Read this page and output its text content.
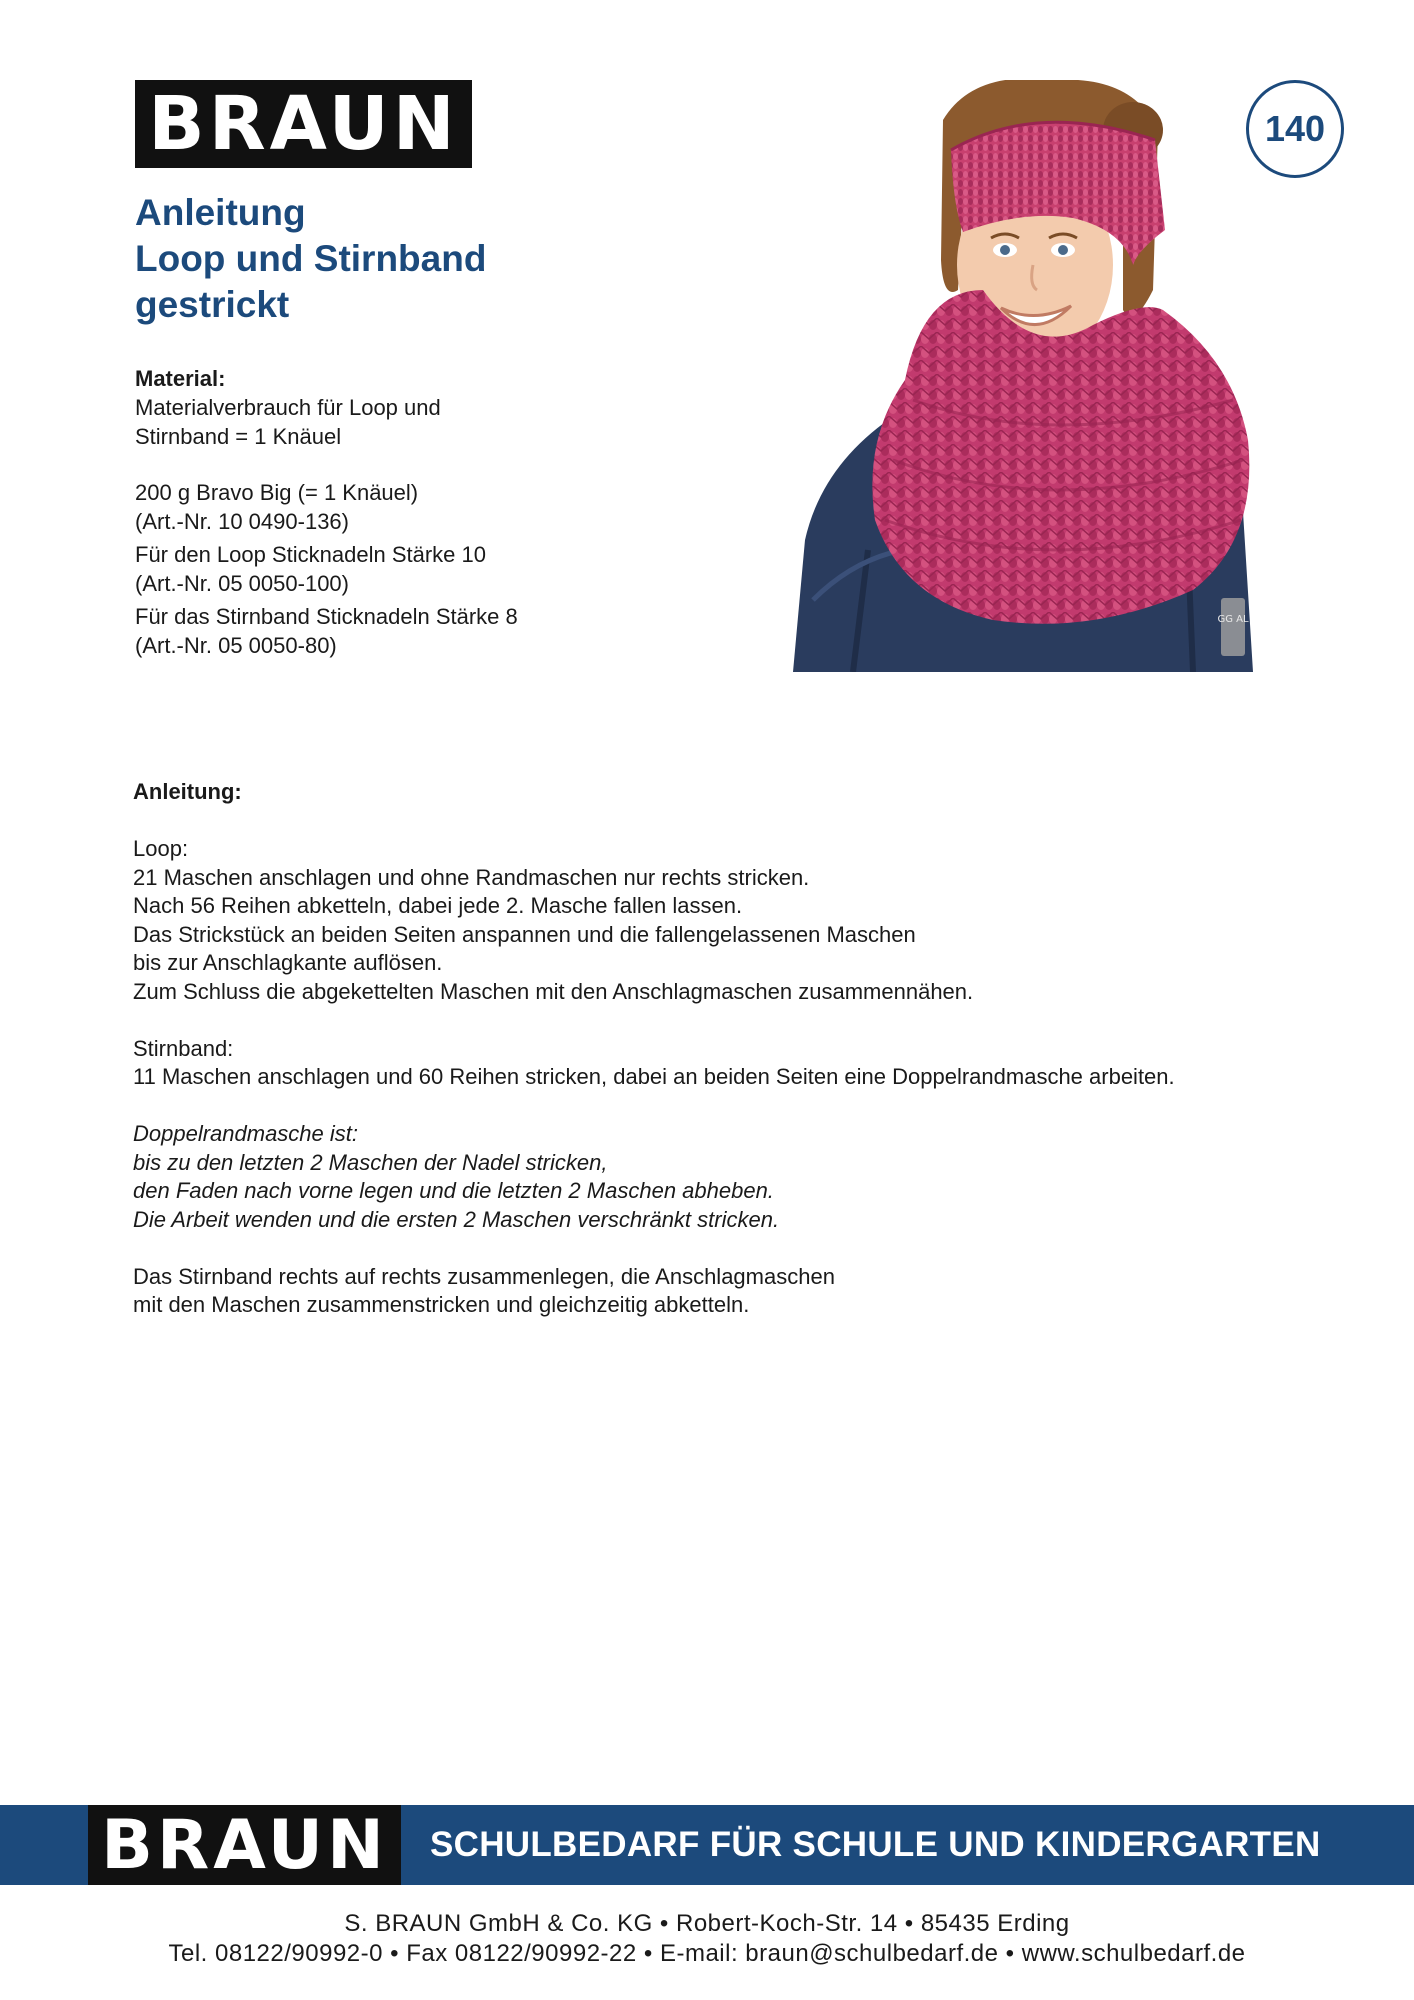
BRAUN	140
Anleitung
Loop und Stirnband
gestrickt

Material:

Materialverbrauch für Loop und

Stirnband = 1 Knäuel

200 g Bravo Big (= 1 Knäuel)

(Art.-Nr. 10 0490-136)

Für den Loop Sticknadeln Stärke 10

(Art.-Nr. 05 0050-100)

Für das Stirnband Sticknadeln Stärke 8

(Art.-Nr. 05 0050-80)

GG AL

Anleitung:

Loop:

21 Maschen anschlagen und ohne Randmaschen nur rechts stricken.

Nach 56 Reihen abketteln, dabei jede 2. Masche fallen lassen.

Das Strickstück an beiden Seiten anspannen und die fallengelassenen Maschen

bis zur Anschlagkante auflösen.

Zum Schluss die abgekettelten Maschen mit den Anschlagmaschen zusammennähen.

Stirnband:

11 Maschen anschlagen und 60 Reihen stricken, dabei an beiden Seiten eine Doppelrandmasche arbeiten.

Doppelrandmasche ist:

bis zu den letzten 2 Maschen der Nadel stricken,

den Faden nach vorne legen und die letzten 2 Maschen abheben.

Die Arbeit wenden und die ersten 2 Maschen verschränkt stricken.

Das Stirnband rechts auf rechts zusammenlegen, die Anschlagmaschen

mit den Maschen zusammenstricken und gleichzeitig abketteln.

BRAUN	SCHULBEDARF FÜR SCHULE UND KINDERGARTEN
S. BRAUN GmbH & Co. KG • Robert-Koch-Str. 14 • 85435 Erding
Tel. 08122/90992-0 • Fax 08122/90992-22 • E-mail: braun@schulbedarf.de • www.schulbedarf.de
